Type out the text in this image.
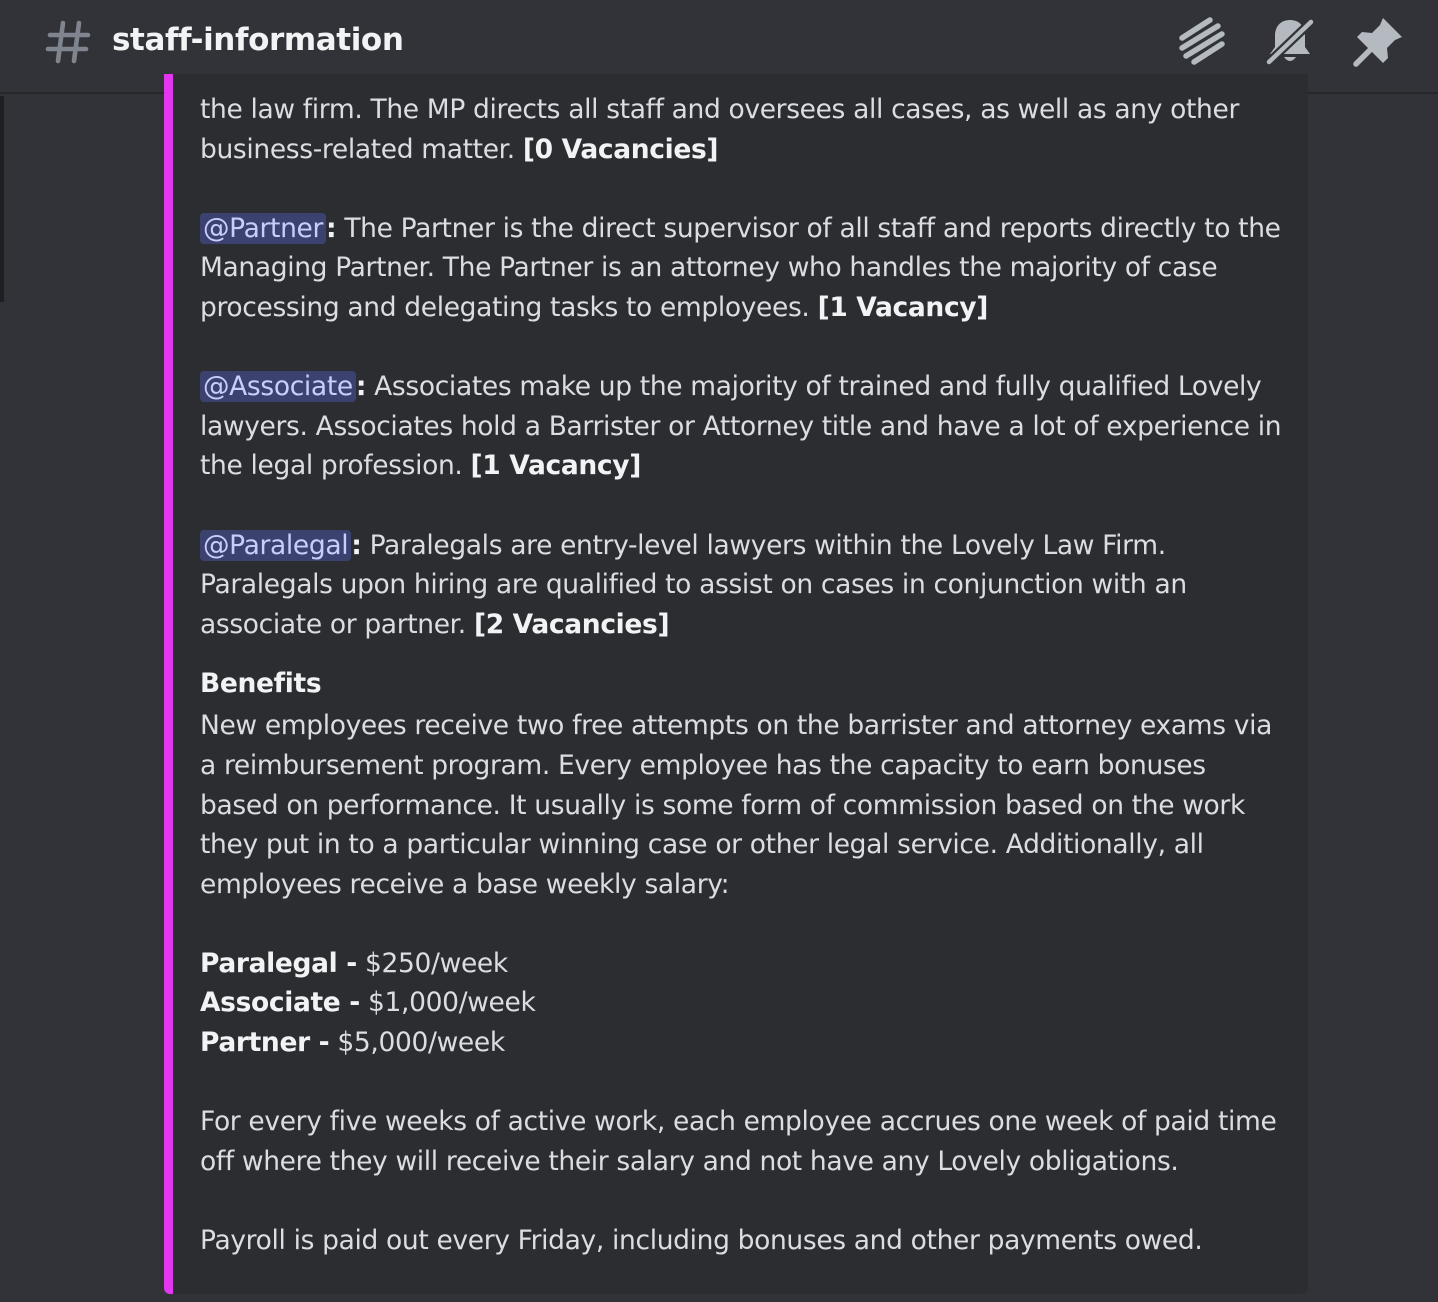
staff-information

the law firm. The MP directs all staff and oversees all cases, as well as any other business-related matter. [0 Vacancies]

@Partner : The Partner is the direct supervisor of all staff and reports directly to the Managing Partner. The Partner is an attorney who handles the majority of case processing and delegating tasks to employees. [1 Vacancy]

@Associate : Associates make up the majority of trained and fully qualified Lovely lawyers. Associates hold a Barrister or Attorney title and have a lot of experience in the legal profession. [1 Vacancy]

@Paralegal : Paralegals are entry-level lawyers within the Lovely Law Firm. Paralegals upon hiring are qualified to assist on cases in conjunction with an associate or partner. [2 Vacancies]

Benefits

New employees receive two free attempts on the barrister and attorney exams via a reimbursement program. Every employee has the capacity to earn bonuses based on performance. It usually is some form of commission based on the work they put in to a particular winning case or other legal service. Additionally, all employees receive a base weekly salary:

Paralegal - $250/week

Associate - $1,000/week

Partner - $5,000/week

For every five weeks of active work, each employee accrues one week of paid time off where they will receive their salary and not have any Lovely obligations.

Payroll is paid out every Friday, including bonuses and other payments owed.
